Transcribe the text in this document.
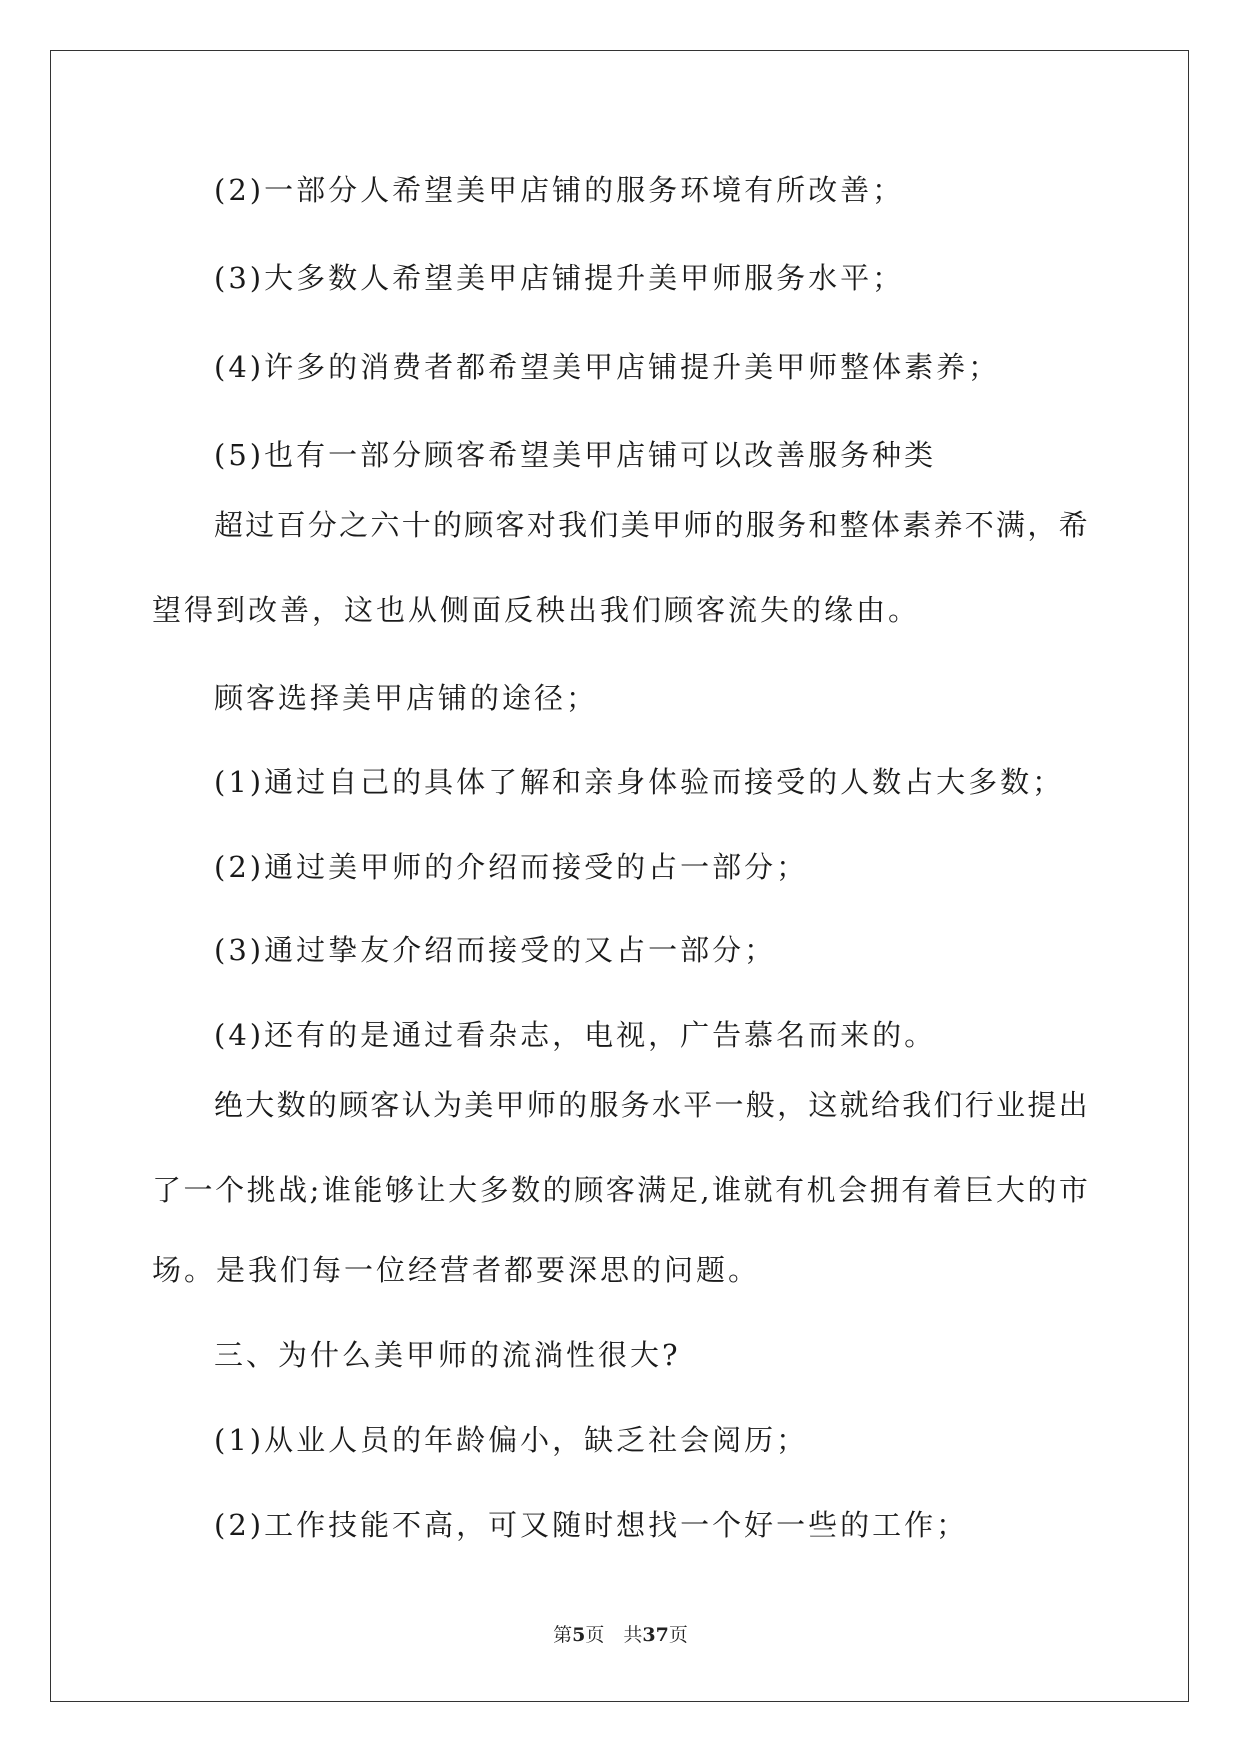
(2)一部分人希望美甲店铺的服务环境有所改善；
(3)大多数人希望美甲店铺提升美甲师服务水平；
(4)许多的消费者都希望美甲店铺提升美甲师整体素养；
(5)也有一部分顾客希望美甲店铺可以改善服务种类
超 过 百 分 之 六 十 的 顾 客 对 我 们 美 甲 师 的 服 务 和 整 体 素 养 不 满 ， 希
望得到改善，这也从侧面反秧出我们顾客流失的缘由。
顾客选择美甲店铺的途径；
(1)通过自己的具体了解和亲身体验而接受的人数占大多数；
(2)通过美甲师的介绍而接受的占一部分；
(3)通过挚友介绍而接受的又占一部分；
(4)还有的是通过看杂志，电视，广告慕名而来的。
绝 大 数 的 顾 客 认 为 美 甲 师 的 服 务 水 平 一 般 ， 这 就 给 我 们 行 业 提 出
了 一 个 挑 战 ; 谁 能 够 让 大 多 数 的 顾 客 满 足 , 谁 就 有 机 会 拥 有 着 巨 大 的 市
场。是我们每一位经营者都要深思的问题。
三、为什么美甲师的流淌性很大?
(1)从业人员的年龄偏小，缺乏社会阅历；
(2)工作技能不高，可又随时想找一个好一些的工作；
第5页　共37页
